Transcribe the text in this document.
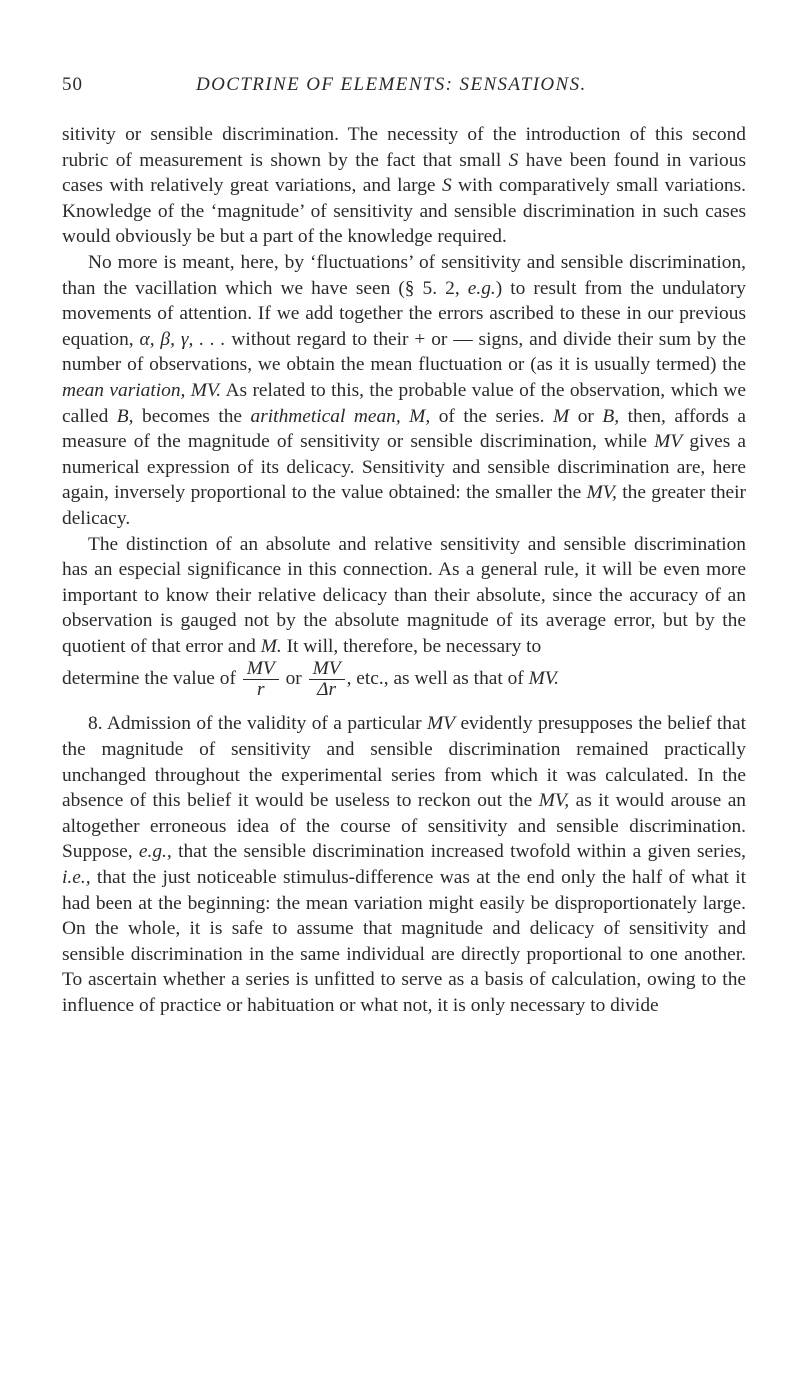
50	DOCTRINE OF ELEMENTS: SENSATIONS.

sitivity or sensible discrimination. The necessity of the introduction of this second rubric of measurement is shown by the fact that small S have been found in various cases with relatively great variations, and large S with comparatively small variations. Knowledge of the ‘magnitude’ of sensitivity and sensible discrimination in such cases would obviously be but a part of the knowledge required.

No more is meant, here, by ‘fluctuations’ of sensitivity and sensible discrimination, than the vacillation which we have seen (§ 5. 2, e.g.) to result from the undulatory movements of attention. If we add together the errors ascribed to these in our previous equation, α, β, γ, . . . without regard to their + or — signs, and divide their sum by the number of observations, we obtain the mean fluctuation or (as it is usually termed) the mean variation, MV. As related to this, the probable value of the observation, which we called B, becomes the arithmetical mean, M, of the series. M or B, then, affords a measure of the magnitude of sensitivity or sensible discrimination, while MV gives a numerical expression of its delicacy. Sensitivity and sensible discrimination are, here again, inversely proportional to the value obtained: the smaller the MV, the greater their delicacy.

The distinction of an absolute and relative sensitivity and sensible discrimination has an especial significance in this connection. As a general rule, it will be even more important to know their relative delicacy than their absolute, since the accuracy of an observation is gauged not by the absolute magnitude of its average error, but by the quotient of that error and M. It will, therefore, be necessary to

determine the value of $\frac{MV}{r}$ or $\frac{MV}{\Delta r}$ , etc., as well as that of MV.

8. Admission of the validity of a particular MV evidently presupposes the belief that the magnitude of sensitivity and sensible discrimination remained practically unchanged throughout the experimental series from which it was calculated. In the absence of this belief it would be useless to reckon out the MV, as it would arouse an altogether erroneous idea of the course of sensitivity and sensible discrimination. Suppose, e.g., that the sensible discrimination increased twofold within a given series, i.e., that the just noticeable stimulus-difference was at the end only the half of what it had been at the beginning: the mean variation might easily be disproportionately large. On the whole, it is safe to assume that magnitude and delicacy of sensitivity and sensible discrimination in the same individual are directly proportional to one another. To ascertain whether a series is unfitted to serve as a basis of calculation, owing to the influence of practice or habituation or what not, it is only necessary to divide
